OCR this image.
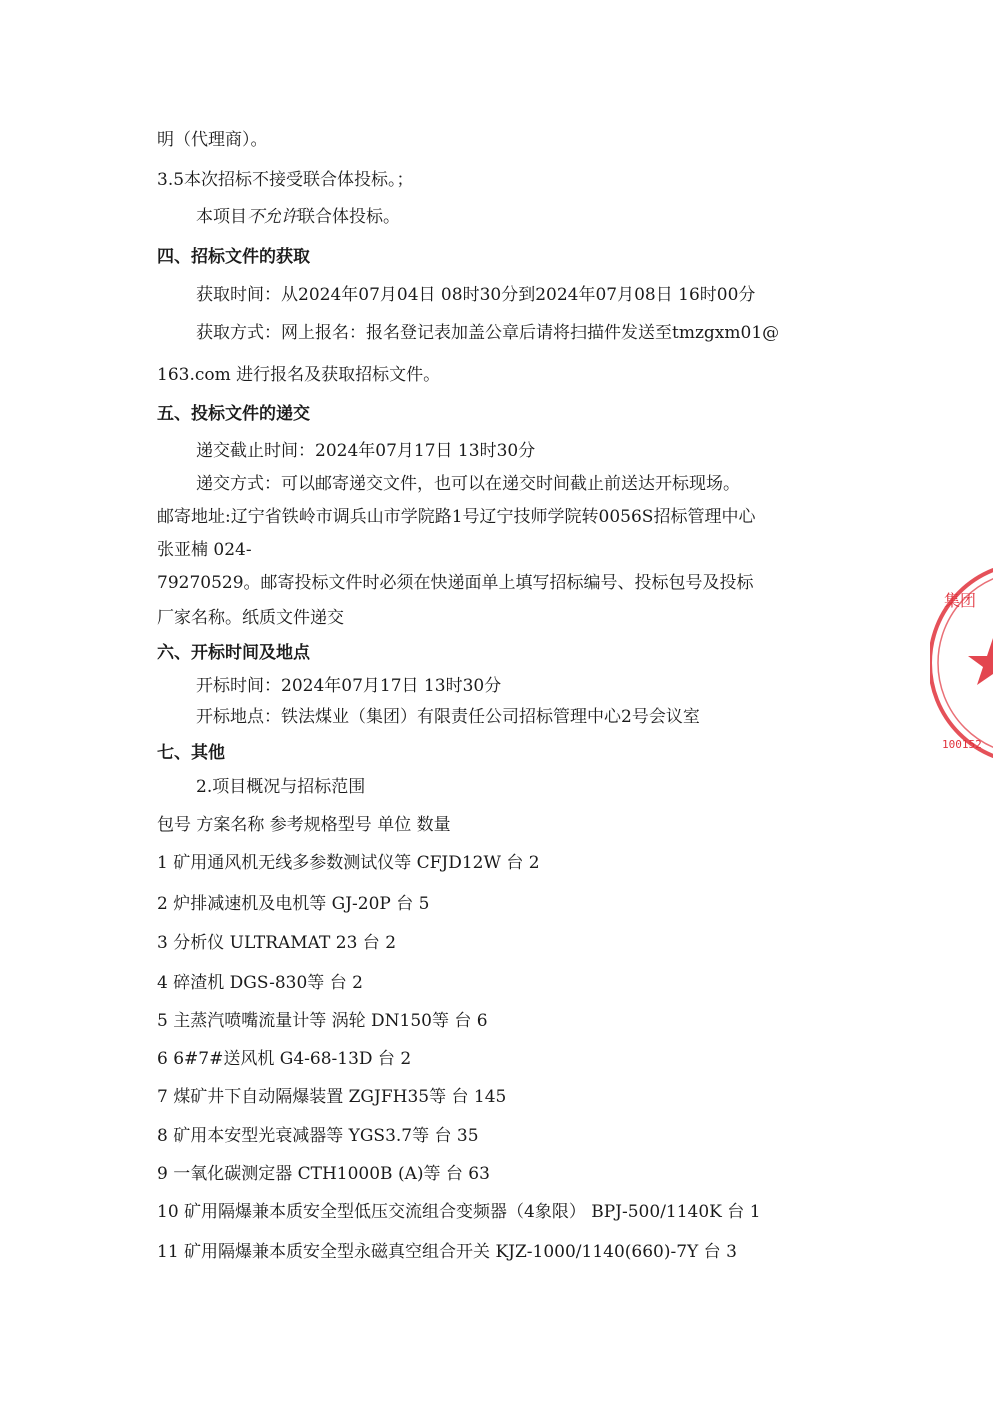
明（代理商）。
3.5本次招标不接受联合体投标。；
本项目不允许联合体投标。
四、招标文件的获取
获取时间：从2024年07月04日 08时30分到2024年07月08日 16时00分
获取方式：网上报名：报名登记表加盖公章后请将扫描件发送至tmzgxm01@
163.com 进行报名及获取招标文件。
五、投标文件的递交
递交截止时间：2024年07月17日 13时30分
递交方式：可以邮寄递交文件，也可以在递交时间截止前送达开标现场。
邮寄地址:辽宁省铁岭市调兵山市学院路1号辽宁技师学院转0056S招标管理中心
张亚楠 024-
79270529。邮寄投标文件时必须在快递面单上填写招标编号、投标包号及投标
厂家名称。纸质文件递交
六、开标时间及地点
开标时间：2024年07月17日 13时30分
开标地点：铁法煤业（集团）有限责任公司招标管理中心2号会议室
七、其他
2.项目概况与招标范围
包号 方案名称 参考规格型号 单位 数量
1 矿用通风机无线多参数测试仪等 CFJD12W 台 2
2 炉排减速机及电机等 GJ-20P 台 5
3 分析仪 ULTRAMAT 23 台 2
4 碎渣机 DGS-830等 台 2
5 主蒸汽喷嘴流量计等 涡轮 DN150等 台 6
6 6#7#送风机 G4-68-13D 台 2
7 煤矿井下自动隔爆装置 ZGJFH35等 台 145
8 矿用本安型光衰减器等 YGS3.7等 台 35
9 一氧化碳测定器 CTH1000B (A)等 台 63
10 矿用隔爆兼本质安全型低压交流组合变频器（4象限） BPJ-500/1140K 台 1
11 矿用隔爆兼本质安全型永磁真空组合开关 KJZ-1000/1140(660)-7Y 台 3
集团
100152
